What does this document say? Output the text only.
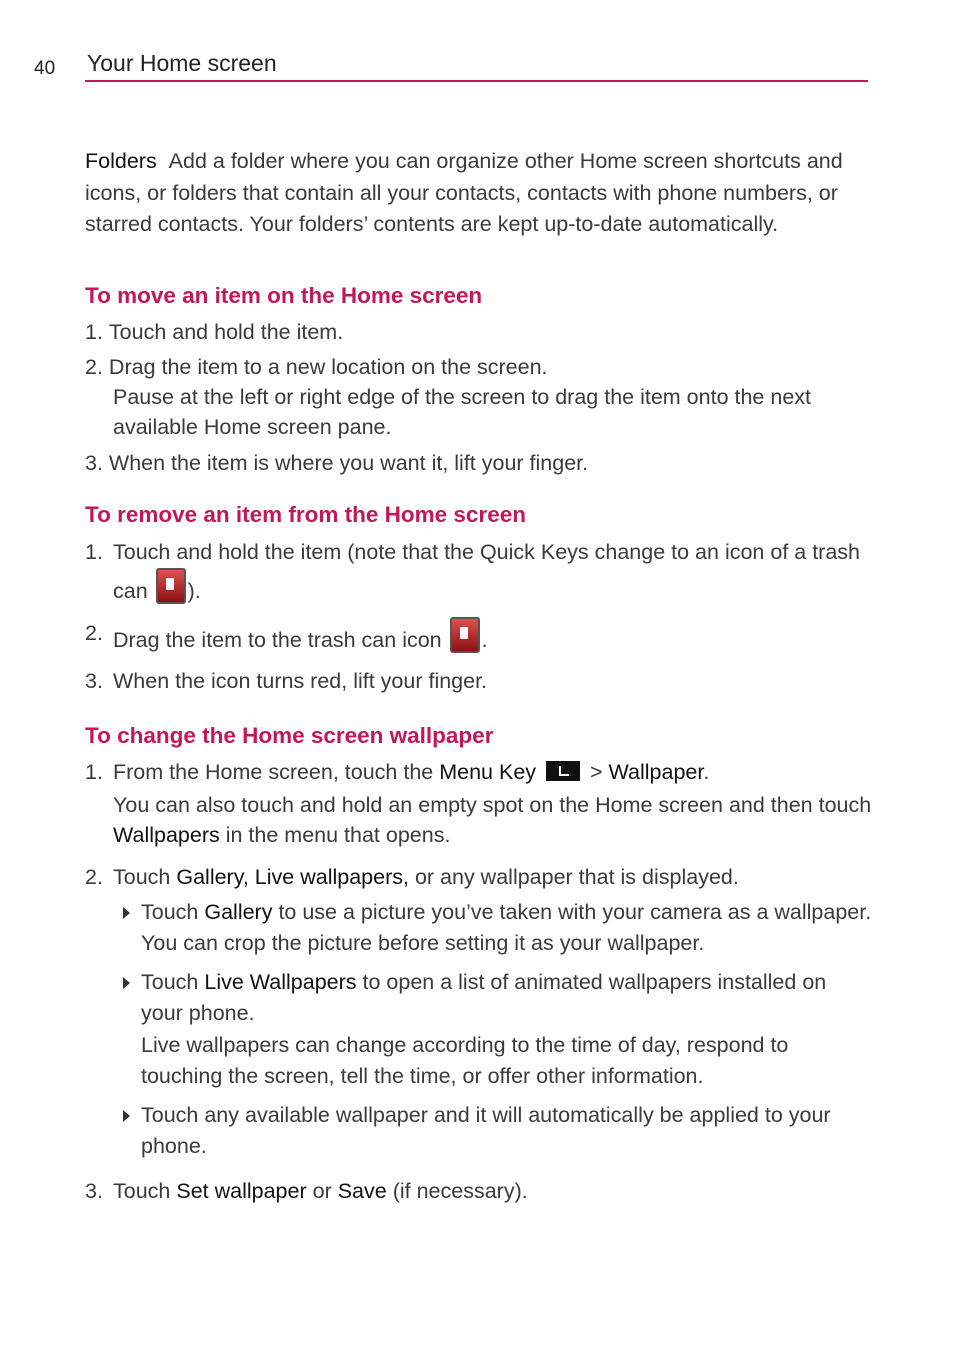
40 Your Home screen

Folders Add a folder where you can organize other Home screen shortcuts and icons, or folders that contain all your contacts, contacts with phone numbers, or starred contacts. Your folders’ contents are kept up-to-date automatically.

To move an item on the Home screen
1. Touch and hold the item.
2. Drag the item to a new location on the screen.
Pause at the left or right edge of the screen to drag the item onto the next available Home screen pane.
3. When the item is where you want it, lift your finger.
To remove an item from the Home screen
1. Touch and hold the item (note that the Quick Keys change to an icon of a trash can ).
2. Drag the item to the trash can icon .
3. When the icon turns red, lift your finger.
To change the Home screen wallpaper
1. From the Home screen, touch the Menu Key  > Wallpaper.
You can also touch and hold an empty spot on the Home screen and then touch Wallpapers in the menu that opens.
2. Touch Gallery, Live wallpapers, or any wallpaper that is displayed.
Touch Gallery to use a picture you’ve taken with your camera as a wallpaper. You can crop the picture before setting it as your wallpaper.
Touch Live Wallpapers to open a list of animated wallpapers installed on your phone.
Live wallpapers can change according to the time of day, respond to touching the screen, tell the time, or offer other information.
Touch any available wallpaper and it will automatically be applied to your phone.
3. Touch Set wallpaper or Save (if necessary).
